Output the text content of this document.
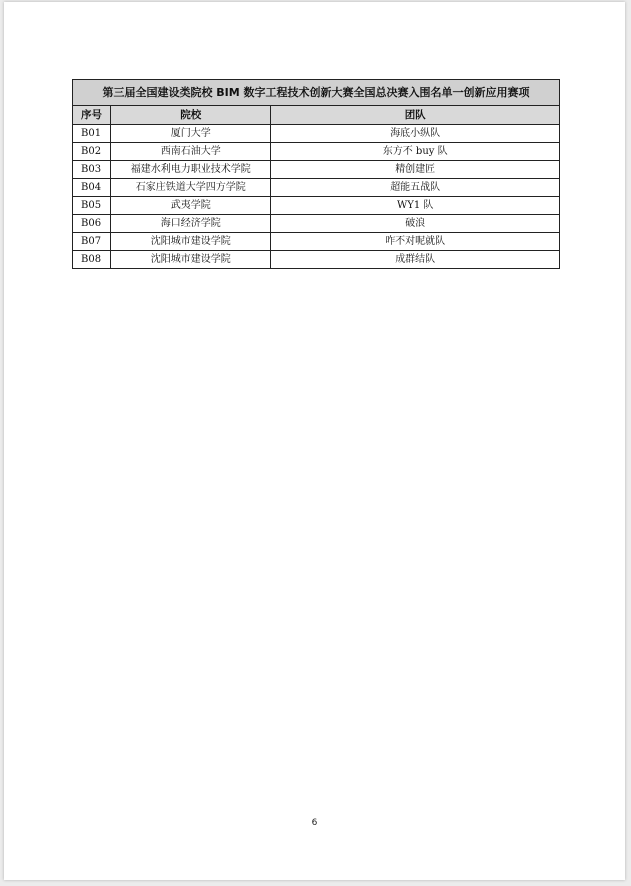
第三届全国建设类院校 BIM 数字工程技术创新大赛全国总决赛入围名单一创新应用赛项		
序号	院校	团队
B01	厦门大学	海底小纵队
B02	西南石油大学	东方不 buy 队
B03	福建水利电力职业技术学院	精创建匠
B04	石家庄铁道大学四方学院	超能五战队
B05	武夷学院	WY1 队
B06	海口经济学院	破浪
B07	沈阳城市建设学院	咋不对呢就队
B08	沈阳城市建设学院	成群结队
6
